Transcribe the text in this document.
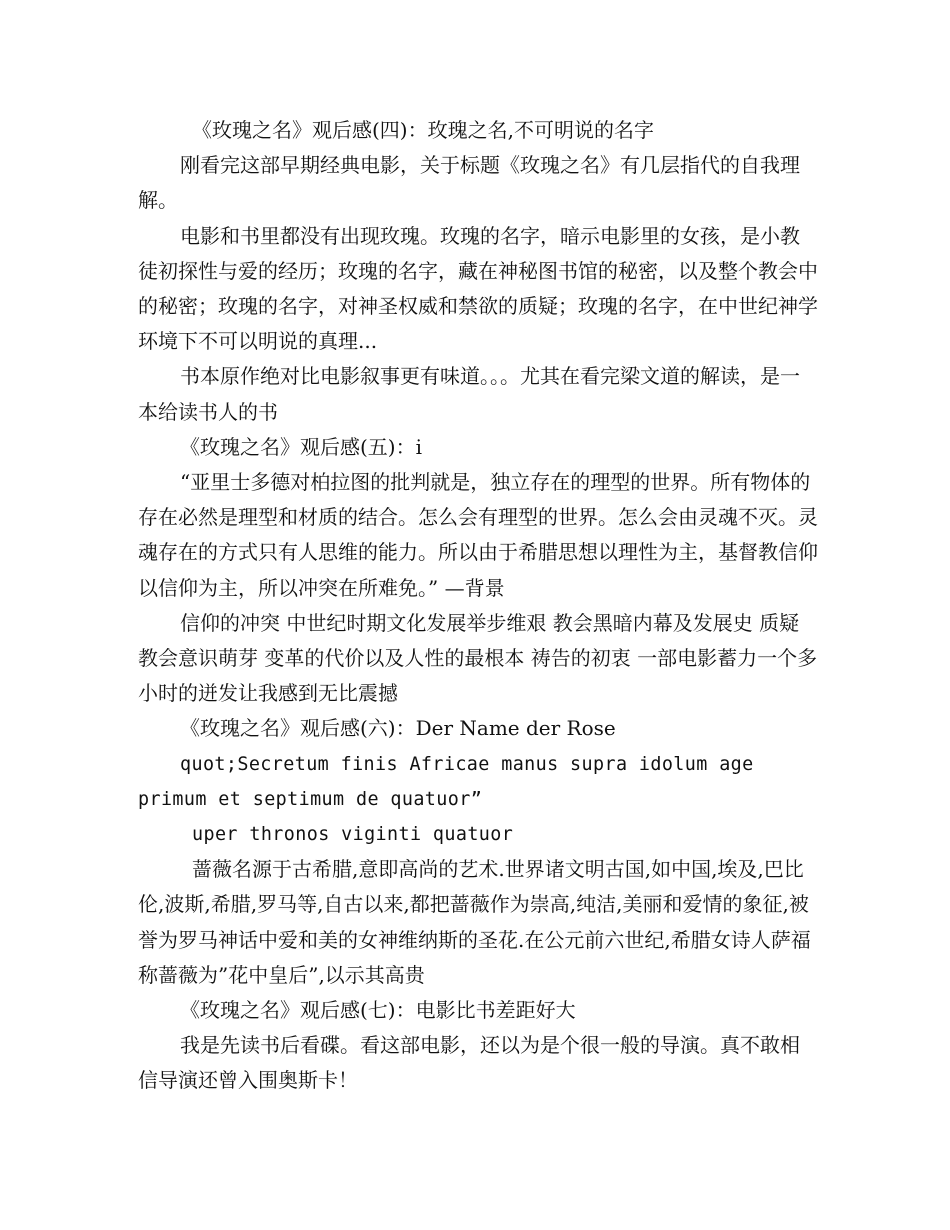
《玫瑰之名》观后感(四)：玫瑰之名,不可明说的名字

刚看完这部早期经典电影，关于标题《玫瑰之名》有几层指代的自我理解。

电影和书里都没有出现玫瑰。玫瑰的名字，暗示电影里的女孩，是小教徒初探性与爱的经历；玫瑰的名字，藏在神秘图书馆的秘密，以及整个教会中的秘密；玫瑰的名字，对神圣权威和禁欲的质疑；玫瑰的名字，在中世纪神学环境下不可以明说的真理...

书本原作绝对比电影叙事更有味道。。。尤其在看完梁文道的解读，是一本给读书人的书

《玫瑰之名》观后感(五)：i

“亚里士多德对柏拉图的批判就是，独立存在的理型的世界。所有物体的存在必然是理型和材质的结合。怎么会有理型的世界。怎么会由灵魂不灭。灵魂存在的方式只有人思维的能力。所以由于希腊思想以理性为主，基督教信仰以信仰为主，所以冲突在所难免。” —背景

信仰的冲突 中世纪时期文化发展举步维艰 教会黑暗内幕及发展史 质疑教会意识萌芽 变革的代价以及人性的最根本 祷告的初衷 一部电影蓄力一个多小时的迸发让我感到无比震撼

《玫瑰之名》观后感(六)：Der Name der Rose

quot;Secretum finis Africae manus supra idolum age primum et septimum de quatuor”

uper thronos viginti quatuor

蔷薇名源于古希腊,意即高尚的艺术.世界诸文明古国,如中国,埃及,巴比伦,波斯,希腊,罗马等,自古以来,都把蔷薇作为崇高,纯洁,美丽和爱情的象征,被誉为罗马神话中爱和美的女神维纳斯的圣花.在公元前六世纪,希腊女诗人萨福称蔷薇为”花中皇后”,以示其高贵

《玫瑰之名》观后感(七)：电影比书差距好大

我是先读书后看碟。看这部电影，还以为是个很一般的导演。真不敢相信导演还曾入围奥斯卡！
